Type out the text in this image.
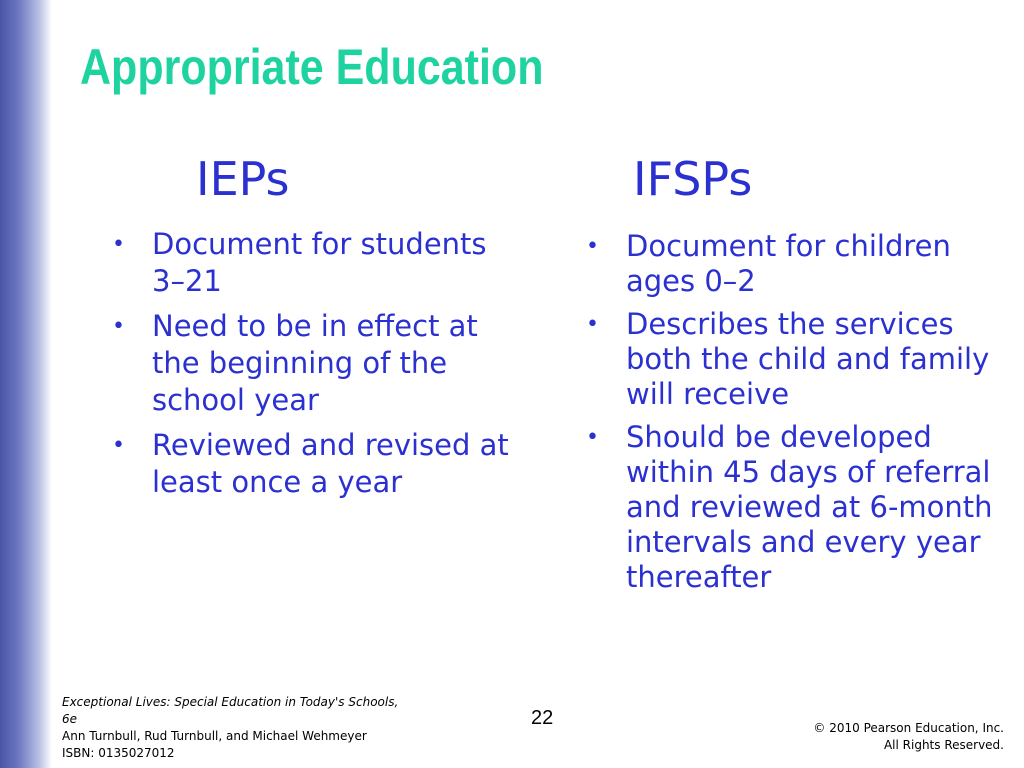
Appropriate Education
IEPs	IFSPs
• Document for students 3–21
• Need to be in effect at the beginning of the school year
• Reviewed and revised at least once a year
• Document for children ages 0–2
• Describes the services both the child and family will receive
• Should be developed within 45 days of referral and reviewed at 6-month intervals and every year thereafter
Exceptional Lives: Special Education in Today's Schools, 6e
Ann Turnbull, Rud Turnbull, and Michael Wehmeyer
ISBN: 0135027012
22	© 2010 Pearson Education, Inc.
All Rights Reserved.
